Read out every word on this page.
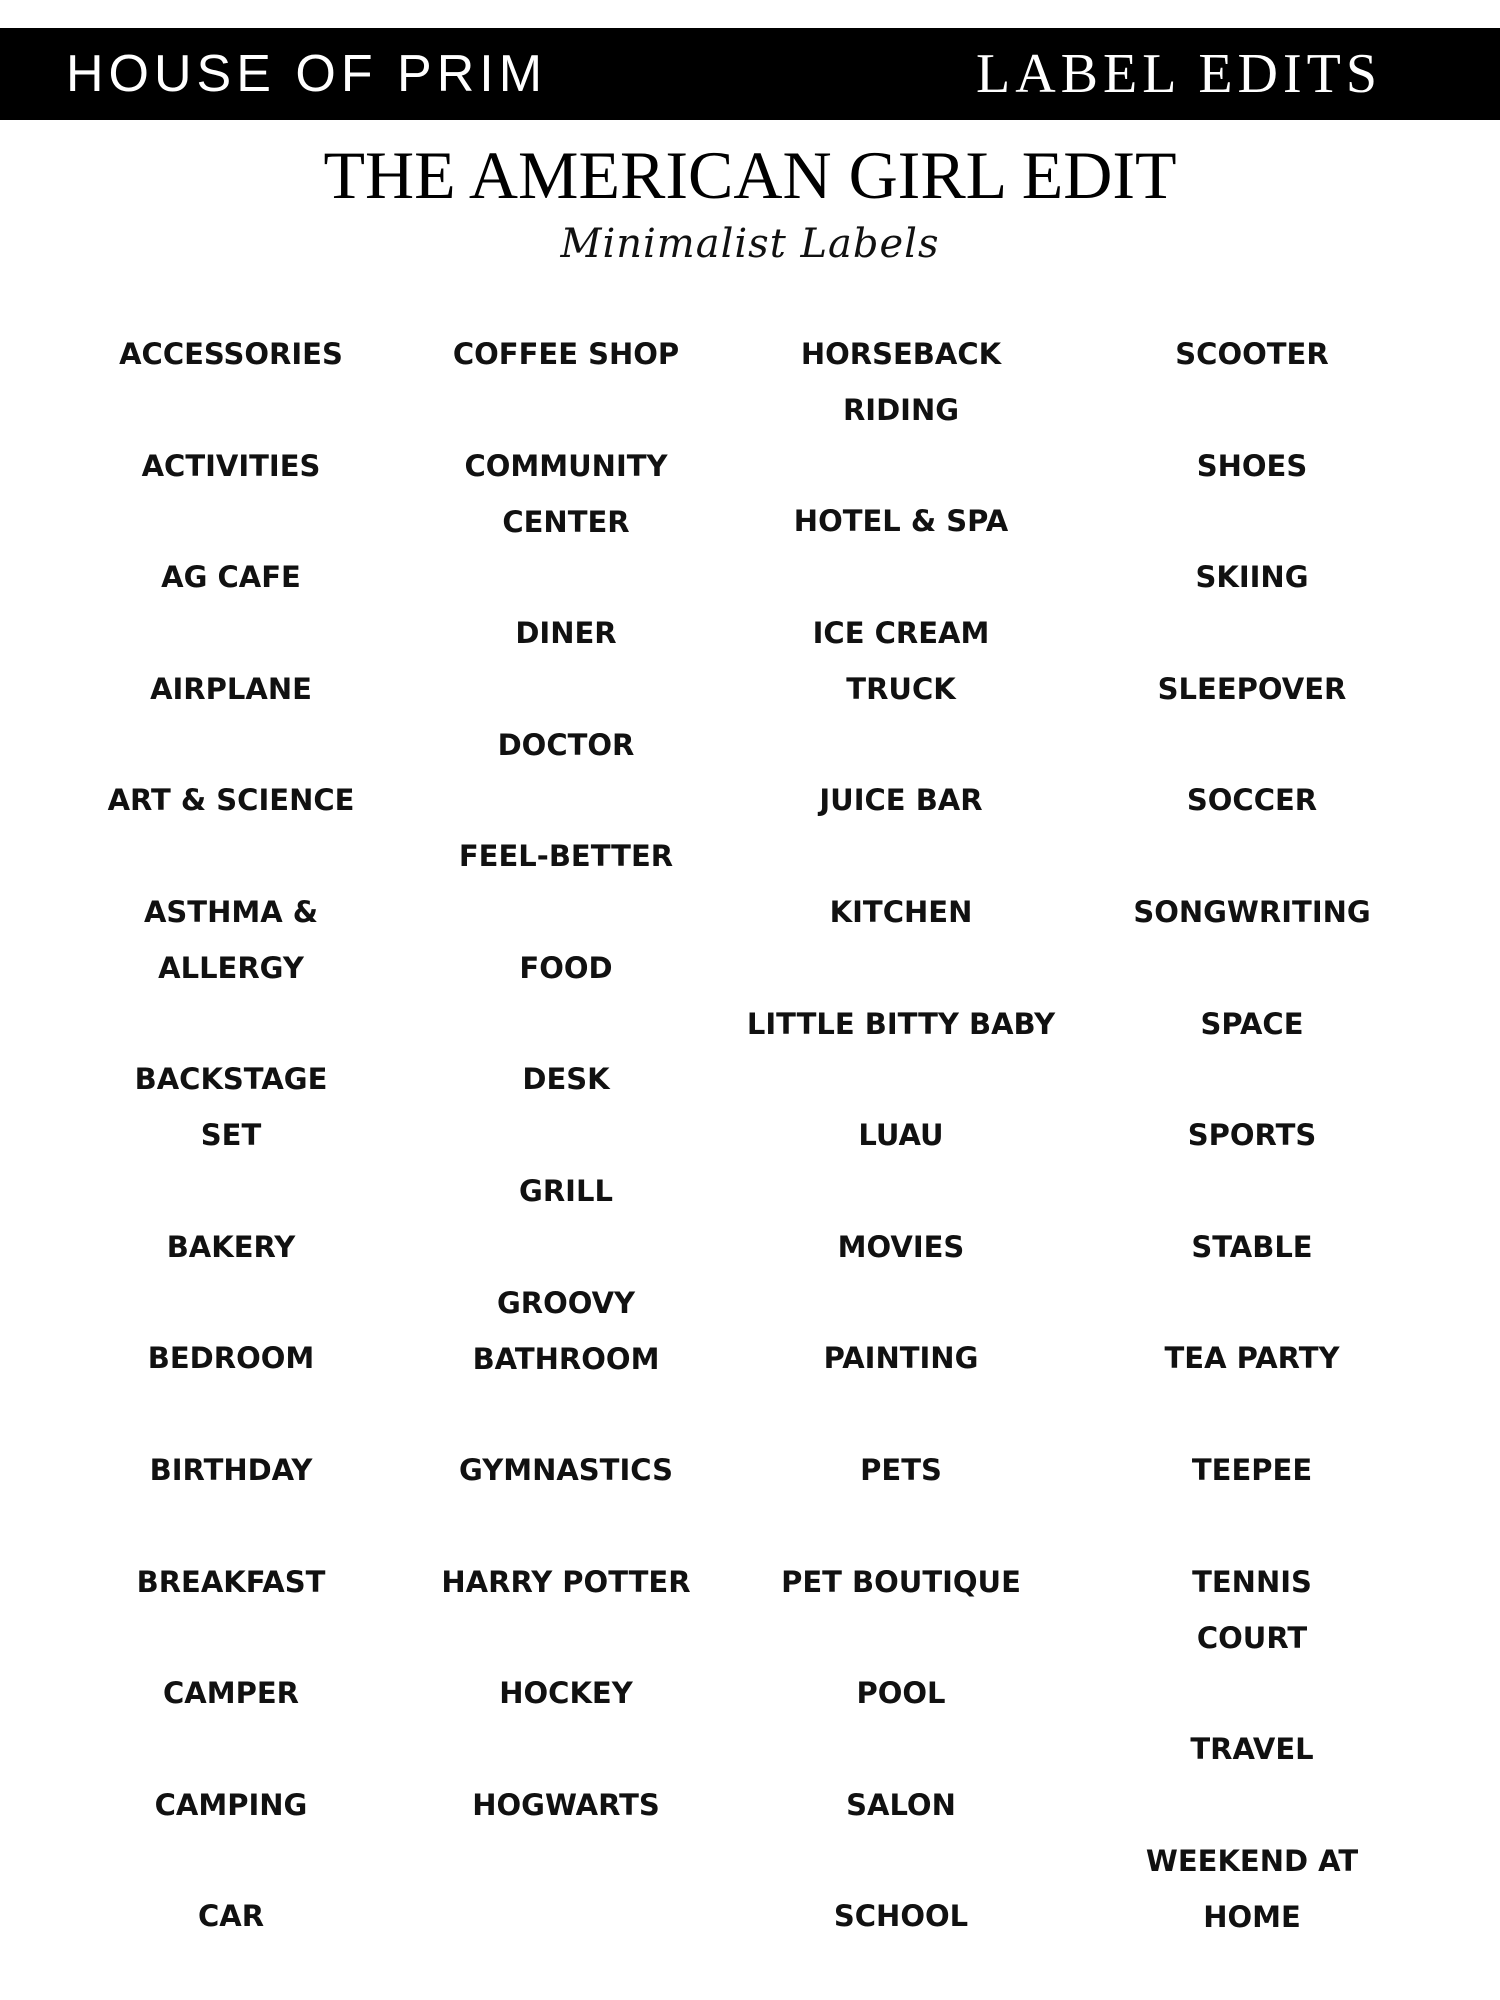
HOUSE OF PRIM	LABEL EDITS
THE AMERICAN GIRL EDIT
Minimalist Labels
ACCESSORIES
ACTIVITIES
AG CAFE
AIRPLANE
ART & SCIENCE
ASTHMA &
ALLERGY
BACKSTAGE
SET
BAKERY
BEDROOM
BIRTHDAY
BREAKFAST
CAMPER
CAMPING
CAR
COFFEE SHOP
COMMUNITY
CENTER
DINER
DOCTOR
FEEL-BETTER
FOOD
DESK
GRILL
GROOVY
BATHROOM
GYMNASTICS
HARRY POTTER
HOCKEY
HOGWARTS
HORSEBACK
RIDING
HOTEL & SPA
ICE CREAM
TRUCK
JUICE BAR
KITCHEN
LITTLE BITTY BABY
LUAU
MOVIES
PAINTING
PETS
PET BOUTIQUE
POOL
SALON
SCHOOL
SCOOTER
SHOES
SKIING
SLEEPOVER
SOCCER
SONGWRITING
SPACE
SPORTS
STABLE
TEA PARTY
TEEPEE
TENNIS
COURT
TRAVEL
WEEKEND AT
HOME
